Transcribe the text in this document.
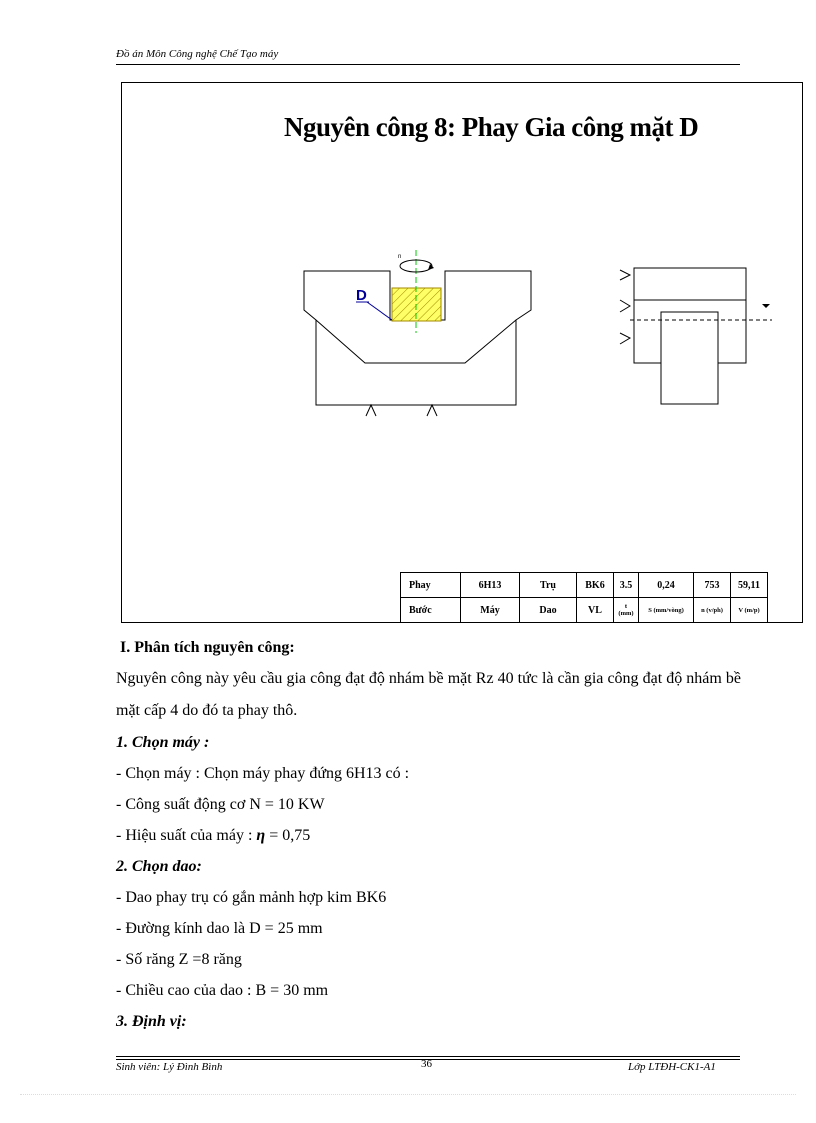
Đồ án Môn Công nghệ Chế Tạo máy
Nguyên công 8: Phay Gia công mặt D
n
D
Phay	6H13	Trụ	BK6	3.5	0,24	753	59,11
Bước	Máy	Dao	VL	t (mm)	S (mm/vòng)	n (v/ph)	V (m/p)

I. Phân tích nguyên công:

Nguyên công này yêu cầu gia công đạt độ nhám bề mặt Rz 40 tức là cần gia công đạt độ nhám bề mặt cấp 4 do đó ta phay thô.

1. Chọn máy :

- Chọn máy : Chọn máy phay đứng 6H13 có :

- Công suất động cơ N = 10 KW

- Hiệu suất của máy : η = 0,75

2. Chọn dao:

- Dao phay trụ có gắn mảnh hợp kim BK6

- Đường kính dao là D = 25 mm

- Số răng Z =8 răng

- Chiều cao của dao : B = 30 mm

3. Định vị:

Sinh viên: Lý Đình Bình	36	Lớp LTĐH-CK1-A1
